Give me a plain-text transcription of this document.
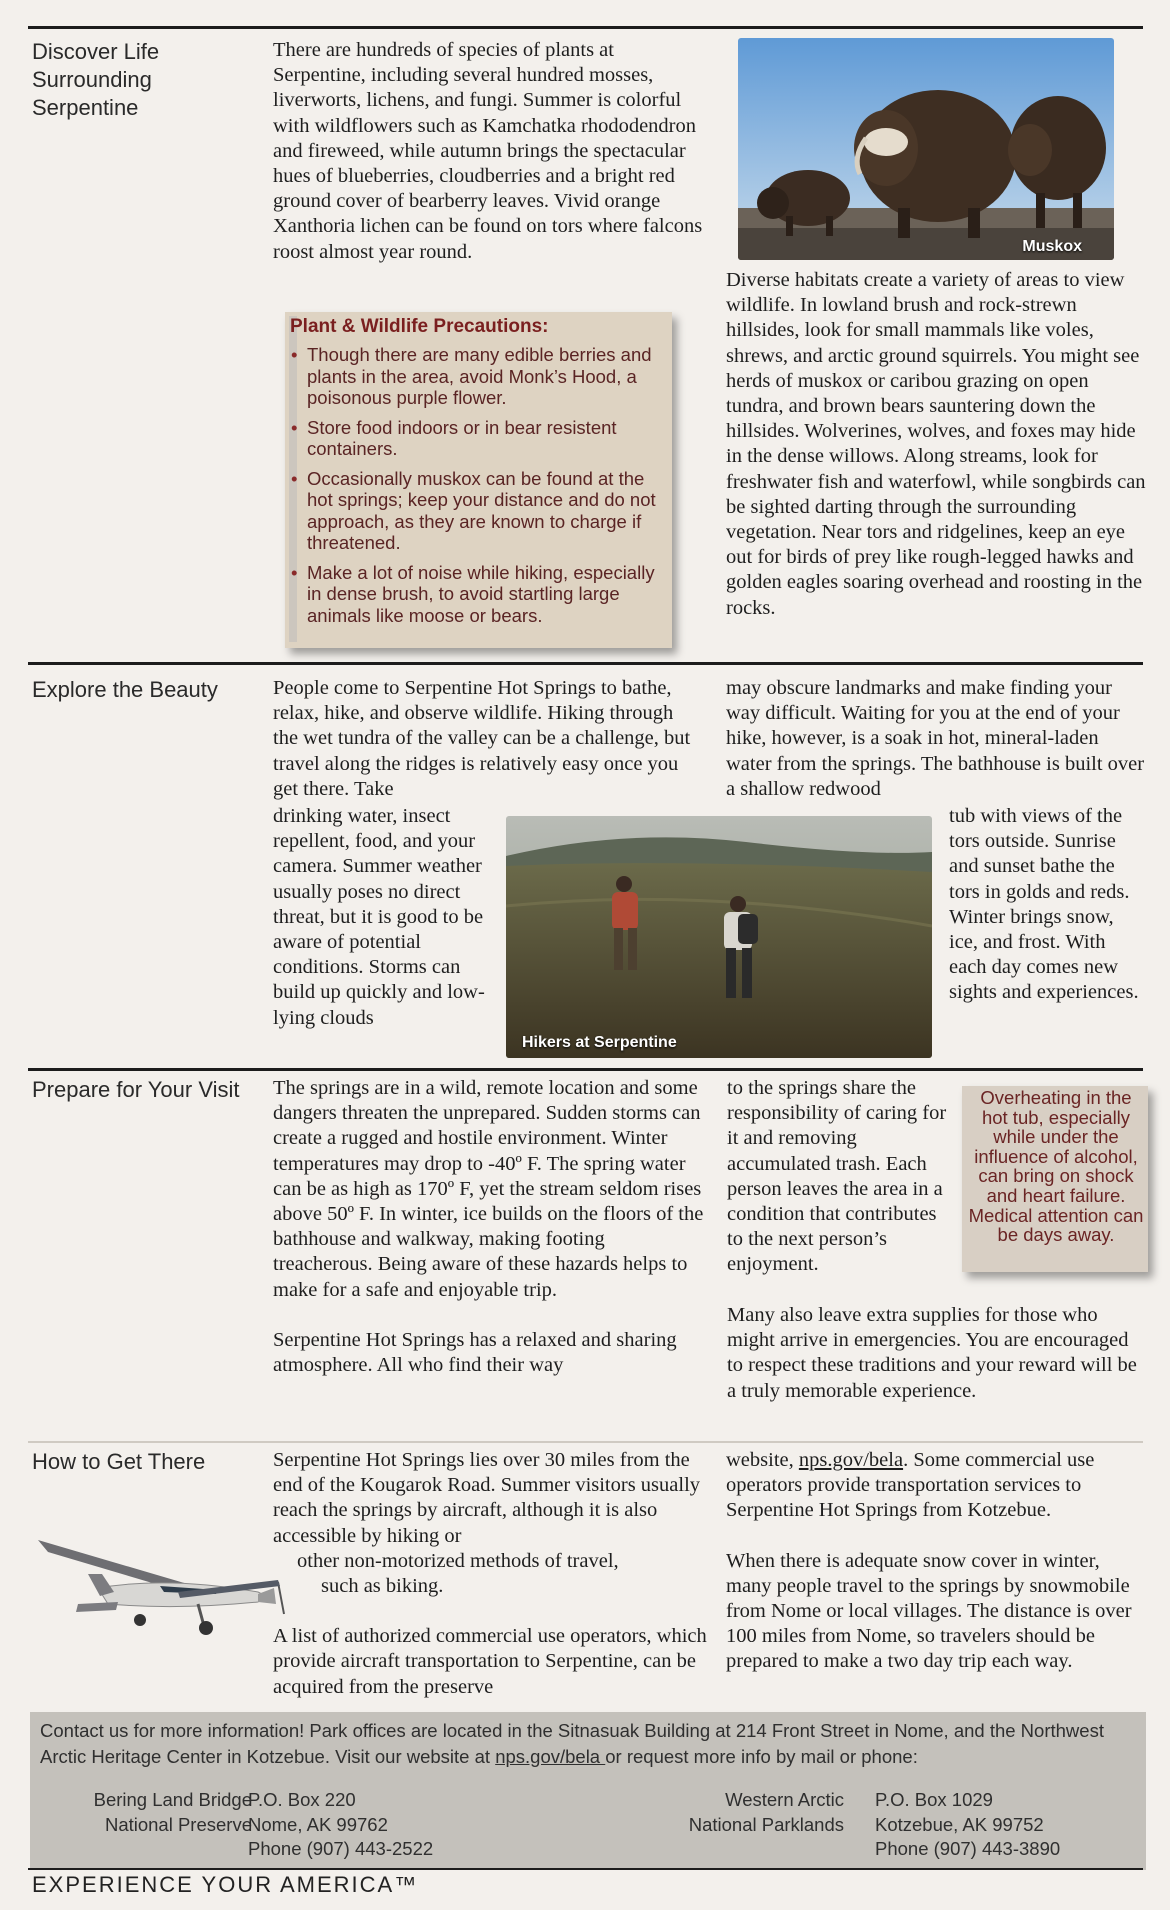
Discover Life
Surrounding
Serpentine

There are hundreds of species of plants at Serpentine, including several hundred mosses, liverworts, lichens, and fungi. Summer is colorful with wildflowers such as Kamchatka rhododendron and fireweed, while autumn brings the spectacular hues of blueberries, cloudberries and a bright red ground cover of bearberry leaves. Vivid orange Xanthoria lichen can be found on tors where falcons roost almost year round.

Plant & Wildlife Precautions:
• Though there are many edible berries and plants in the area, avoid Monk’s Hood, a poisonous purple flower.
• Store food indoors or in bear resistent containers.
• Occasionally muskox can be found at the hot springs; keep your distance and do not approach, as they are known to charge if threatened.
• Make a lot of noise while hiking, especially in dense brush, to avoid startling large animals like moose or bears.
Muskox

Diverse habitats create a variety of areas to view wildlife. In lowland brush and rock-strewn hillsides, look for small mammals like voles, shrews, and arctic ground squirrels. You might see herds of muskox or caribou grazing on open tundra, and brown bears sauntering down the hillsides. Wolverines, wolves, and foxes may hide in the dense willows. Along streams, look for freshwater fish and waterfowl, while songbirds can be sighted darting through the surrounding vegetation. Near tors and ridgelines, keep an eye out for birds of prey like rough-legged hawks and golden eagles soaring overhead and roosting in the rocks.

Explore the Beauty	People come to Serpentine Hot Springs to bathe, relax, hike, and observe wildlife. Hiking through the wet tundra of the valley can be a challenge, but travel along the ridges is relatively easy once you get there. Take

drinking water, insect repellent, food, and your camera. Summer weather usually poses no direct threat, but it is good to be aware of potential conditions. Storms can build up quickly and low-lying clouds

Hikers at Serpentine

may obscure landmarks and make finding your way difficult. Waiting for you at the end of your hike, however, is a soak in hot, mineral-laden water from the springs. The bathhouse is built over a shallow redwood

tub with views of the tors outside. Sunrise and sunset bathe the tors in golds and reds. Winter brings snow, ice, and frost. With each day comes new sights and experiences.

Prepare for Your Visit The springs are in a wild, remote location and some dangers threaten the unprepared. Sudden storms can create a rugged and hostile environment. Winter temperatures may drop to -40º F. The spring water can be as high as 170º F, yet the stream seldom rises above 50º F. In winter, ice builds on the floors of the bathhouse and walkway, making footing treacherous. Being aware of these hazards helps to make for a safe and enjoyable trip.

Serpentine Hot Springs has a relaxed and sharing atmosphere. All who find their way

to the springs share the responsibility of caring for it and removing accumulated trash. Each person leaves the area in a condition that contributes to the next person’s enjoyment.

Overheating in the hot tub, especially while under the influence of alcohol, can bring on shock and heart failure. Medical attention can be days away.

Many also leave extra supplies for those who might arrive in emergencies. You are encouraged to respect these traditions and your reward will be a truly memorable experience.

How to Get There	Serpentine Hot Springs lies over 30 miles from the end of the Kougarok Road. Summer visitors usually reach the springs by aircraft, although it is also accessible by hiking or

other non-motorized methods of travel,

such as biking.

A list of authorized commercial use operators, which provide aircraft transportation to Serpentine, can be acquired from the preserve

website, nps.gov/bela. Some commercial use operators provide transportation services to Serpentine Hot Springs from Kotzebue.

When there is adequate snow cover in winter, many people travel to the springs by snowmobile from Nome or local villages. The distance is over 100 miles from Nome, so travelers should be prepared to make a two day trip each way.

Contact us for more information! Park offices are located in the Sitnasuak Building at 214 Front Street in Nome, and the Northwest Arctic Heritage Center in Kotzebue. Visit our website at nps.gov/bela or request more info by mail or phone:
Bering Land Bridge
National Preserve
P.O. Box 220
Nome, AK 99762
Phone (907) 443-2522
Western Arctic
National Parklands
P.O. Box 1029
Kotzebue, AK 99752
Phone (907) 443-3890
EXPERIENCE YOUR AMERICA™
